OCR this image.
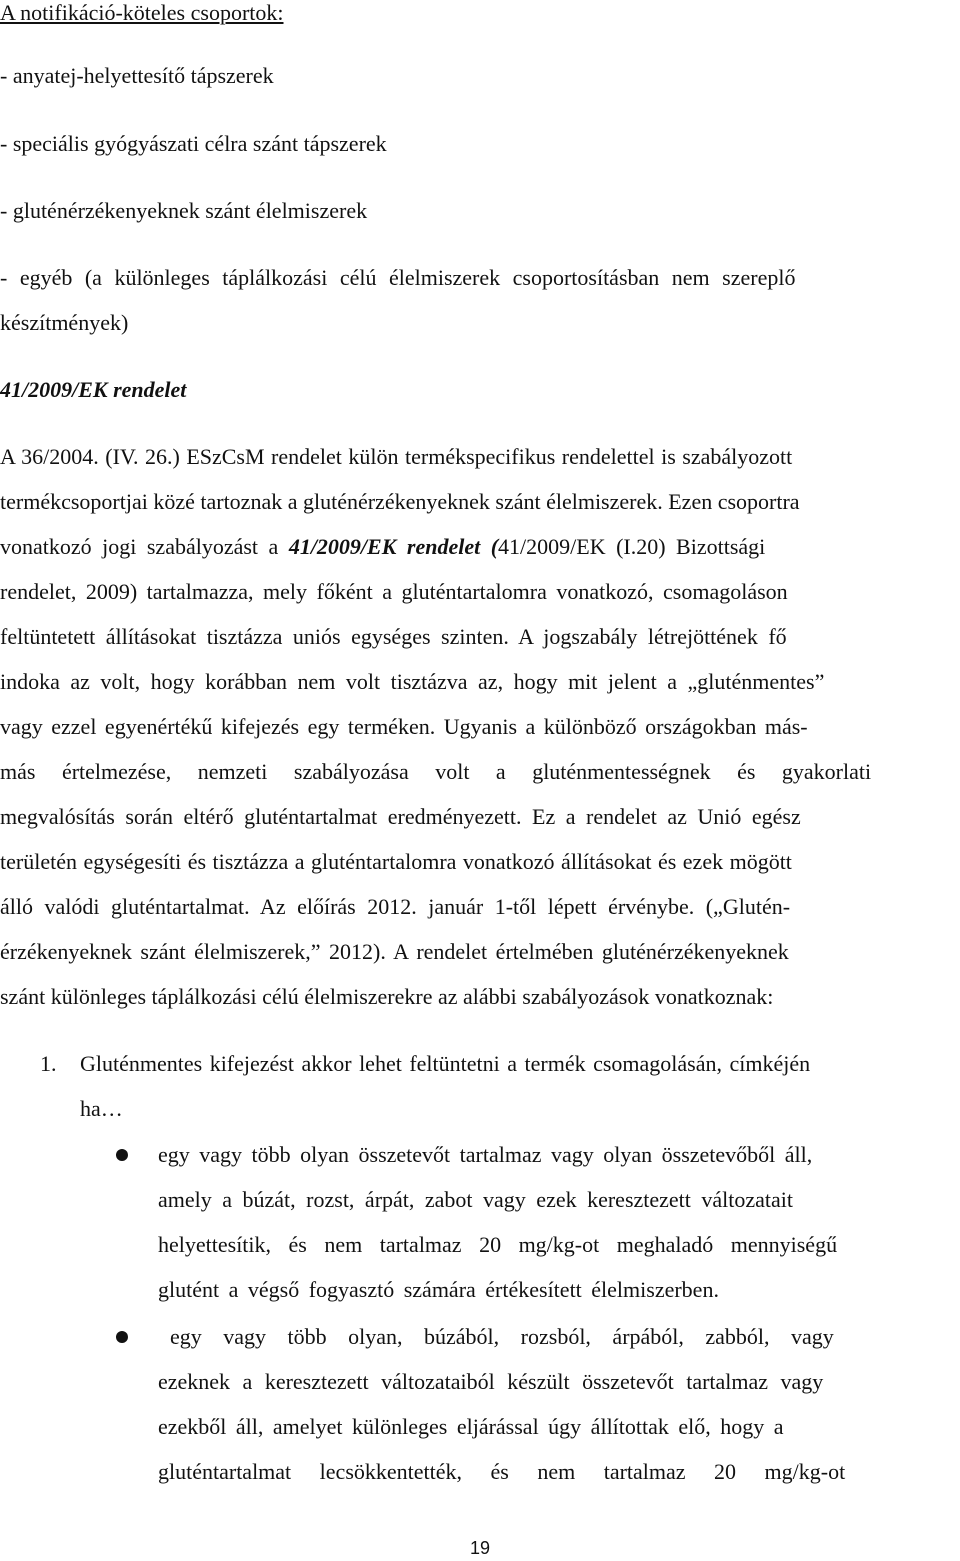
A notifikáció-köteles csoportok:
- anyatej-helyettesítő tápszerek
- speciális gyógyászati célra szánt tápszerek
- gluténérzékenyeknek szánt élelmiszerek
- egyéb (a különleges táplálkozási célú élelmiszerek csoportosításban nem szereplő
készítmények)
41/2009/EK rendelet
A 36/2004. (IV. 26.) ESzCsM rendelet külön termékspecifikus rendelettel is szabályozott
termékcsoportjai közé tartoznak a gluténérzékenyeknek szánt élelmiszerek. Ezen csoportra
vonatkozó jogi szabályozást a 41/2009/EK rendelet (41/2009/EK (I.20) Bizottsági
rendelet, 2009) tartalmazza, mely főként a gluténtartalomra vonatkozó, csomagoláson
feltüntetett állításokat tisztázza uniós egységes szinten. A jogszabály létrejöttének fő
indoka az volt, hogy korábban nem volt tisztázva az, hogy mit jelent a „gluténmentes”
vagy ezzel egyenértékű kifejezés egy terméken. Ugyanis a különböző országokban más-
más értelmezése, nemzeti szabályozása volt a gluténmentességnek és gyakorlati
megvalósítás során eltérő gluténtartalmat eredményezett. Ez a rendelet az Unió egész
területén egységesíti és tisztázza a gluténtartalomra vonatkozó állításokat és ezek mögött
álló valódi gluténtartalmat. Az előírás 2012. január 1-től lépett érvénybe. („Glutén-
érzékenyeknek szánt élelmiszerek,” 2012). A rendelet értelmében gluténérzékenyeknek
szánt különleges táplálkozási célú élelmiszerekre az alábbi szabályozások vonatkoznak:
1. Gluténmentes kifejezést akkor lehet feltüntetni a termék csomagolásán, címkéjén
ha…
egy vagy több olyan összetevőt tartalmaz vagy olyan összetevőből áll,
amely a búzát, rozst, árpát, zabot vagy ezek keresztezett változatait
helyettesítik, és nem tartalmaz 20 mg/kg-ot meghaladó mennyiségű
glutént a végső fogyasztó számára értékesített élelmiszerben.
egy vagy több olyan, búzából, rozsból, árpából, zabból, vagy
ezeknek a keresztezett változataiból készült összetevőt tartalmaz vagy
ezekből áll, amelyet különleges eljárással úgy állítottak elő, hogy a
gluténtartalmat lecsökkentették, és nem tartalmaz 20 mg/kg-ot
19
